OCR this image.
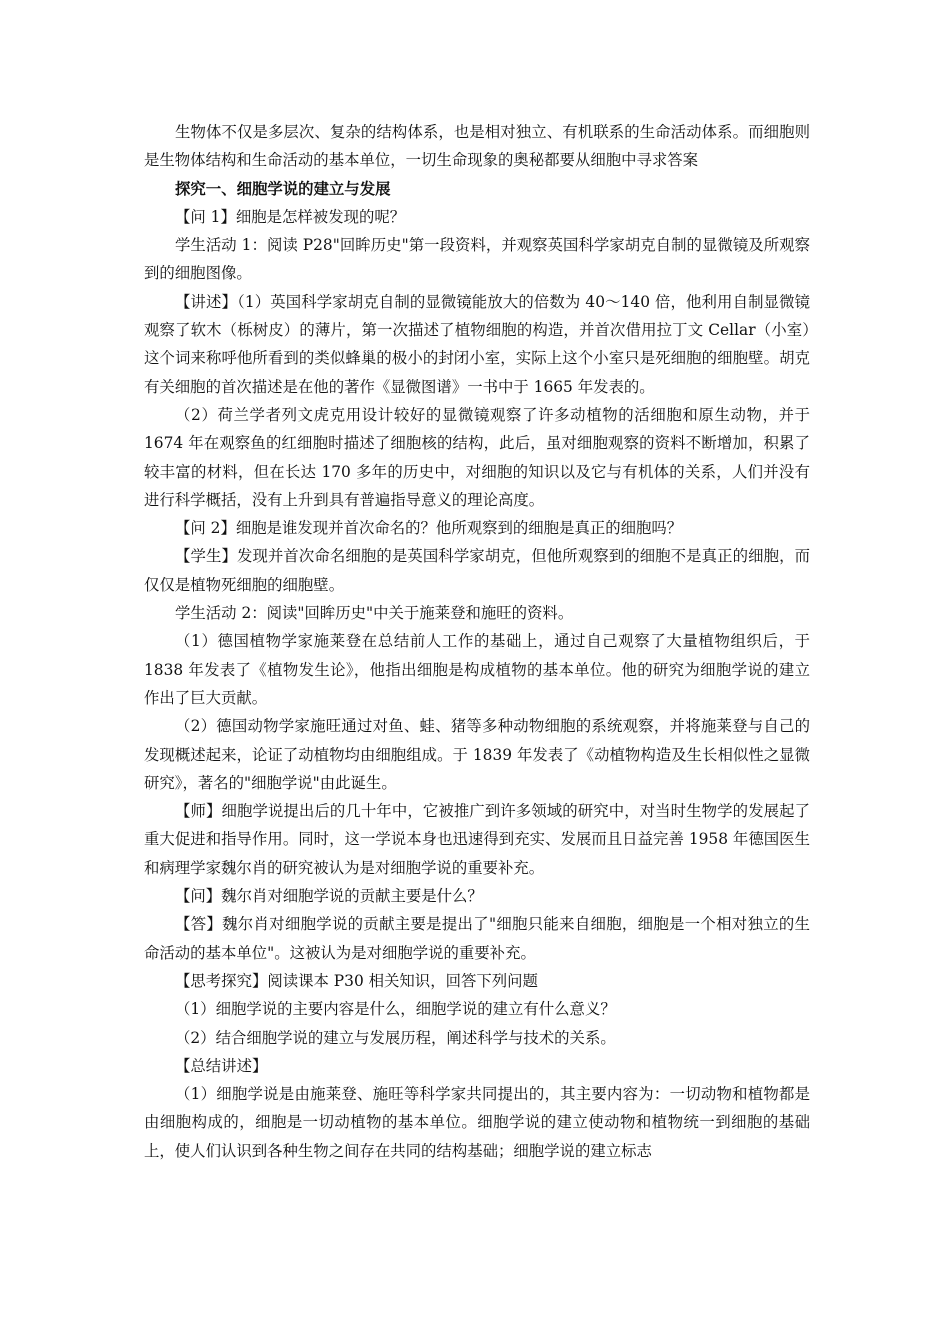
生物体不仅是多层次、复杂的结构体系，也是相对独立、有机联系的生命活动体系。而细胞则是生物体结构和生命活动的基本单位，一切生命现象的奥秘都要从细胞中寻求答案

探究一、细胞学说的建立与发展

【问 1】细胞是怎样被发现的呢？

学生活动 1：阅读 P28"回眸历史"第一段资料，并观察英国科学家胡克自制的显微镜及所观察到的细胞图像。

【讲述】（1）英国科学家胡克自制的显微镜能放大的倍数为 40～140 倍，他利用自制显微镜观察了软木（栎树皮）的薄片，第一次描述了植物细胞的构造，并首次借用拉丁文 Cellar（小室）这个词来称呼他所看到的类似蜂巢的极小的封闭小室，实际上这个小室只是死细胞的细胞壁。胡克有关细胞的首次描述是在他的著作《显微图谱》一书中于 1665 年发表的。

（2）荷兰学者列文虎克用设计较好的显微镜观察了许多动植物的活细胞和原生动物，并于 1674 年在观察鱼的红细胞时描述了细胞核的结构，此后，虽对细胞观察的资料不断增加，积累了较丰富的材料，但在长达 170 多年的历史中，对细胞的知识以及它与有机体的关系，人们并没有进行科学概括，没有上升到具有普遍指导意义的理论高度。

【问 2】细胞是谁发现并首次命名的？他所观察到的细胞是真正的细胞吗？

【学生】发现并首次命名细胞的是英国科学家胡克，但他所观察到的细胞不是真正的细胞，而仅仅是植物死细胞的细胞壁。

学生活动 2：阅读"回眸历史"中关于施莱登和施旺的资料。

（1）德国植物学家施莱登在总结前人工作的基础上，通过自己观察了大量植物组织后，于 1838 年发表了《植物发生论》，他指出细胞是构成植物的基本单位。他的研究为细胞学说的建立作出了巨大贡献。

（2）德国动物学家施旺通过对鱼、蛙、猪等多种动物细胞的系统观察，并将施莱登与自己的发现概述起来，论证了动植物均由细胞组成。于 1839 年发表了《动植物构造及生长相似性之显微研究》，著名的"细胞学说"由此诞生。

【师】细胞学说提出后的几十年中，它被推广到许多领域的研究中，对当时生物学的发展起了重大促进和指导作用。同时，这一学说本身也迅速得到充实、发展而且日益完善 1958 年德国医生和病理学家魏尔肖的研究被认为是对细胞学说的重要补充。

【问】魏尔肖对细胞学说的贡献主要是什么？

【答】魏尔肖对细胞学说的贡献主要是提出了"细胞只能来自细胞，细胞是一个相对独立的生命活动的基本单位"。这被认为是对细胞学说的重要补充。

【思考探究】阅读课本 P30 相关知识，回答下列问题

（1）细胞学说的主要内容是什么，细胞学说的建立有什么意义？

（2）结合细胞学说的建立与发展历程，阐述科学与技术的关系。

【总结讲述】

（1）细胞学说是由施莱登、施旺等科学家共同提出的，其主要内容为：一切动物和植物都是由细胞构成的，细胞是一切动植物的基本单位。细胞学说的建立使动物和植物统一到细胞的基础上，使人们认识到各种生物之间存在共同的结构基础；细胞学说的建立标志
